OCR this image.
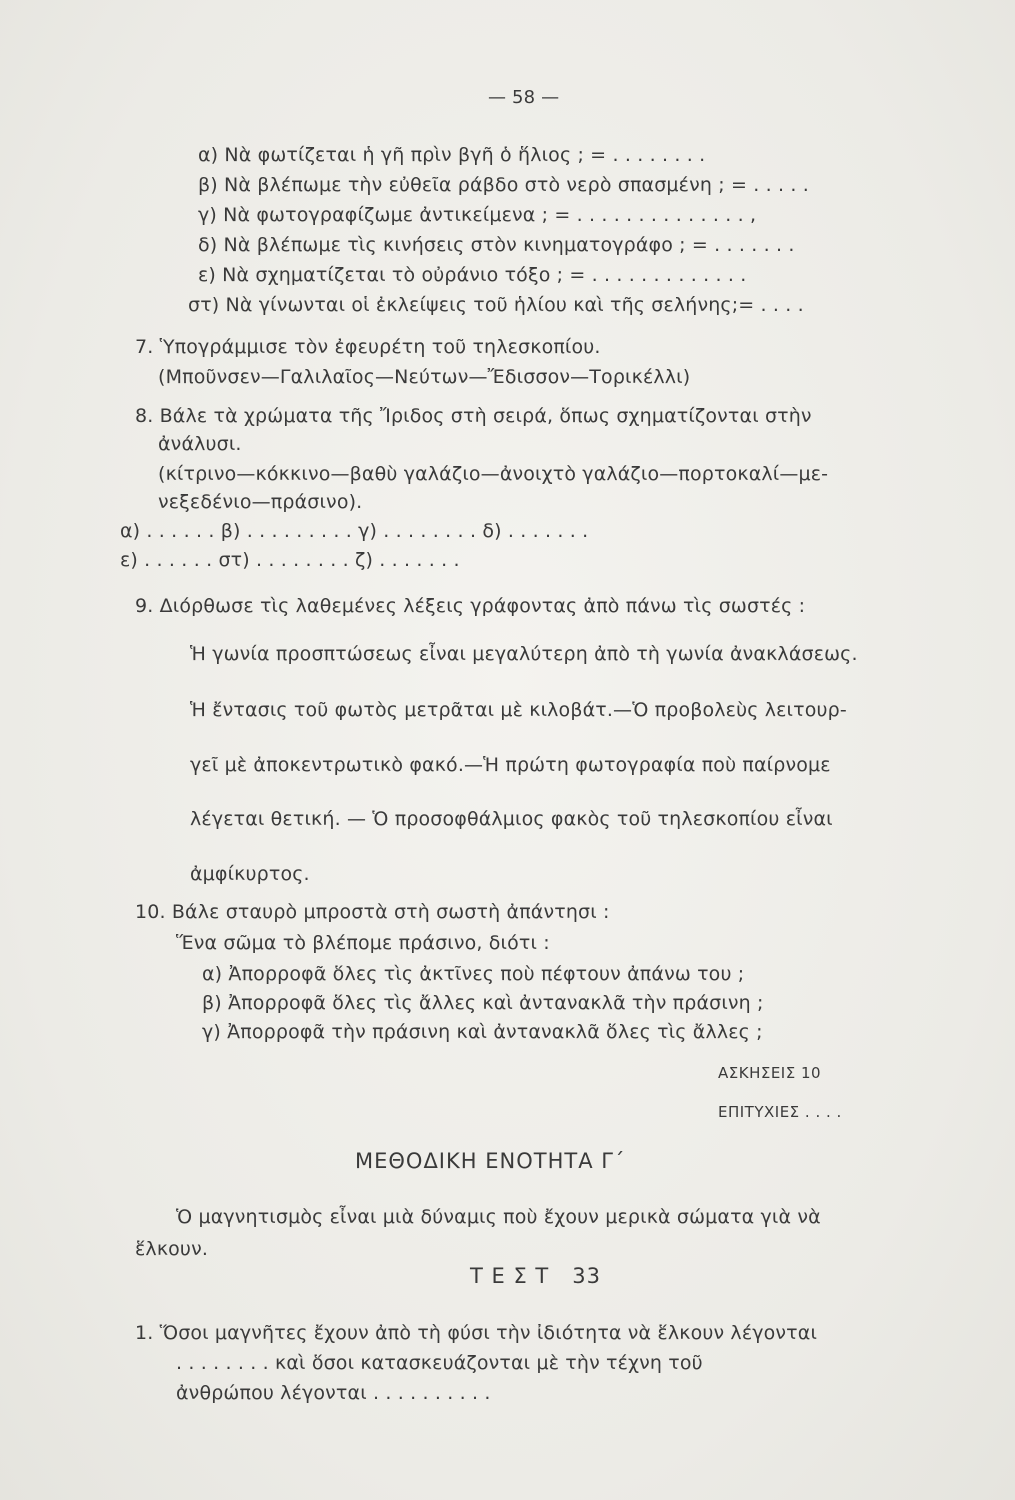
— 58 —
α) Νὰ φωτίζεται ἡ γῆ πρὶν βγῆ ὁ ἥλιος ; = . . . . . . . .
β) Νὰ βλέπωμε τὴν εὐθεῖα ράβδο στὸ νερὸ σπασμένη ; = . . . . .
γ) Νὰ φωτογραφίζωμε ἀντικείμενα ; = . . . . . . . . . . . . . . ,
δ) Νὰ βλέπωμε τὶς κινήσεις στὸν κινηματογράφο ; = . . . . . . .
ε) Νὰ σχηματίζεται τὸ οὐράνιο τόξο ; = . . . . . . . . . . . . .
στ) Νὰ γίνωνται οἱ ἐκλείψεις τοῦ ἡλίου καὶ τῆς σελήνης;= . . . .
7. Ὑπογράμμισε τὸν ἐφευρέτη τοῦ τηλεσκοπίου.
(Μποῦνσεν—Γαλιλαῖος—Νεύτων—Ἔδισσον—Τορικέλλι)
8. Βάλε τὰ χρώματα τῆς Ἴριδος στὴ σειρά, ὅπως σχηματίζονται στὴν
ἀνάλυσι.
(κίτρινο—κόκκινο—βαθὺ γαλάζιο—ἀνοιχτὸ γαλάζιο—πορτοκαλί—με-
νεξεδένιο—πράσινο).
α) . . . . . . β) . . . . . . . . . γ) . . . . . . . . δ) . . . . . . .
ε) . . . . . . στ) . . . . . . . . ζ) . . . . . . .
9. Διόρθωσε τὶς λαθεμένες λέξεις γράφοντας ἀπὸ πάνω τὶς σωστές :
Ἡ γωνία προσπτώσεως εἶναι μεγαλύτερη ἀπὸ τὴ γωνία ἀνακλάσεως.
Ἡ ἔντασις τοῦ φωτὸς μετρᾶται μὲ κιλοβάτ.—Ὁ προβολεὺς λειτουρ-
γεῖ μὲ ἀποκεντρωτικὸ φακό.—Ἡ πρώτη φωτογραφία ποὺ παίρνομε
λέγεται θετική. — Ὁ προσοφθάλμιος φακὸς τοῦ τηλεσκοπίου εἶναι
ἀμφίκυρτος.
10. Βάλε σταυρὸ μπροστὰ στὴ σωστὴ ἀπάντησι :
Ἕνα σῶμα τὸ βλέπομε πράσινο, διότι :
α) Ἀπορροφᾶ ὅλες τὶς ἀκτῖνες ποὺ πέφτουν ἀπάνω του ;
β) Ἀπορροφᾶ ὅλες τὶς ἄλλες καὶ ἀντανακλᾶ τὴν πράσινη ;
γ) Ἀπορροφᾶ τὴν πράσινη καὶ ἀντανακλᾶ ὅλες τὶς ἄλλες ;
ΑΣΚΗΣΕΙΣ 10
ΕΠΙΤΥΧΙΕΣ . . . .
ΜΕΘΟΔΙΚΗ ΕΝΟΤΗΤΑ Γ΄
Ὁ μαγνητισμὸς εἶναι μιὰ δύναμις ποὺ ἔχουν μερικὰ σώματα γιὰ νὰ
ἕλκουν.
Τ Ε Σ Τ   33
1. Ὅσοι μαγνῆτες ἔχουν ἀπὸ τὴ φύσι τὴν ἰδιότητα νὰ ἕλκουν λέγονται
. . . . . . . . καὶ ὅσοι κατασκευάζονται μὲ τὴν τέχνη τοῦ
ἀνθρώπου λέγονται . . . . . . . . . .
